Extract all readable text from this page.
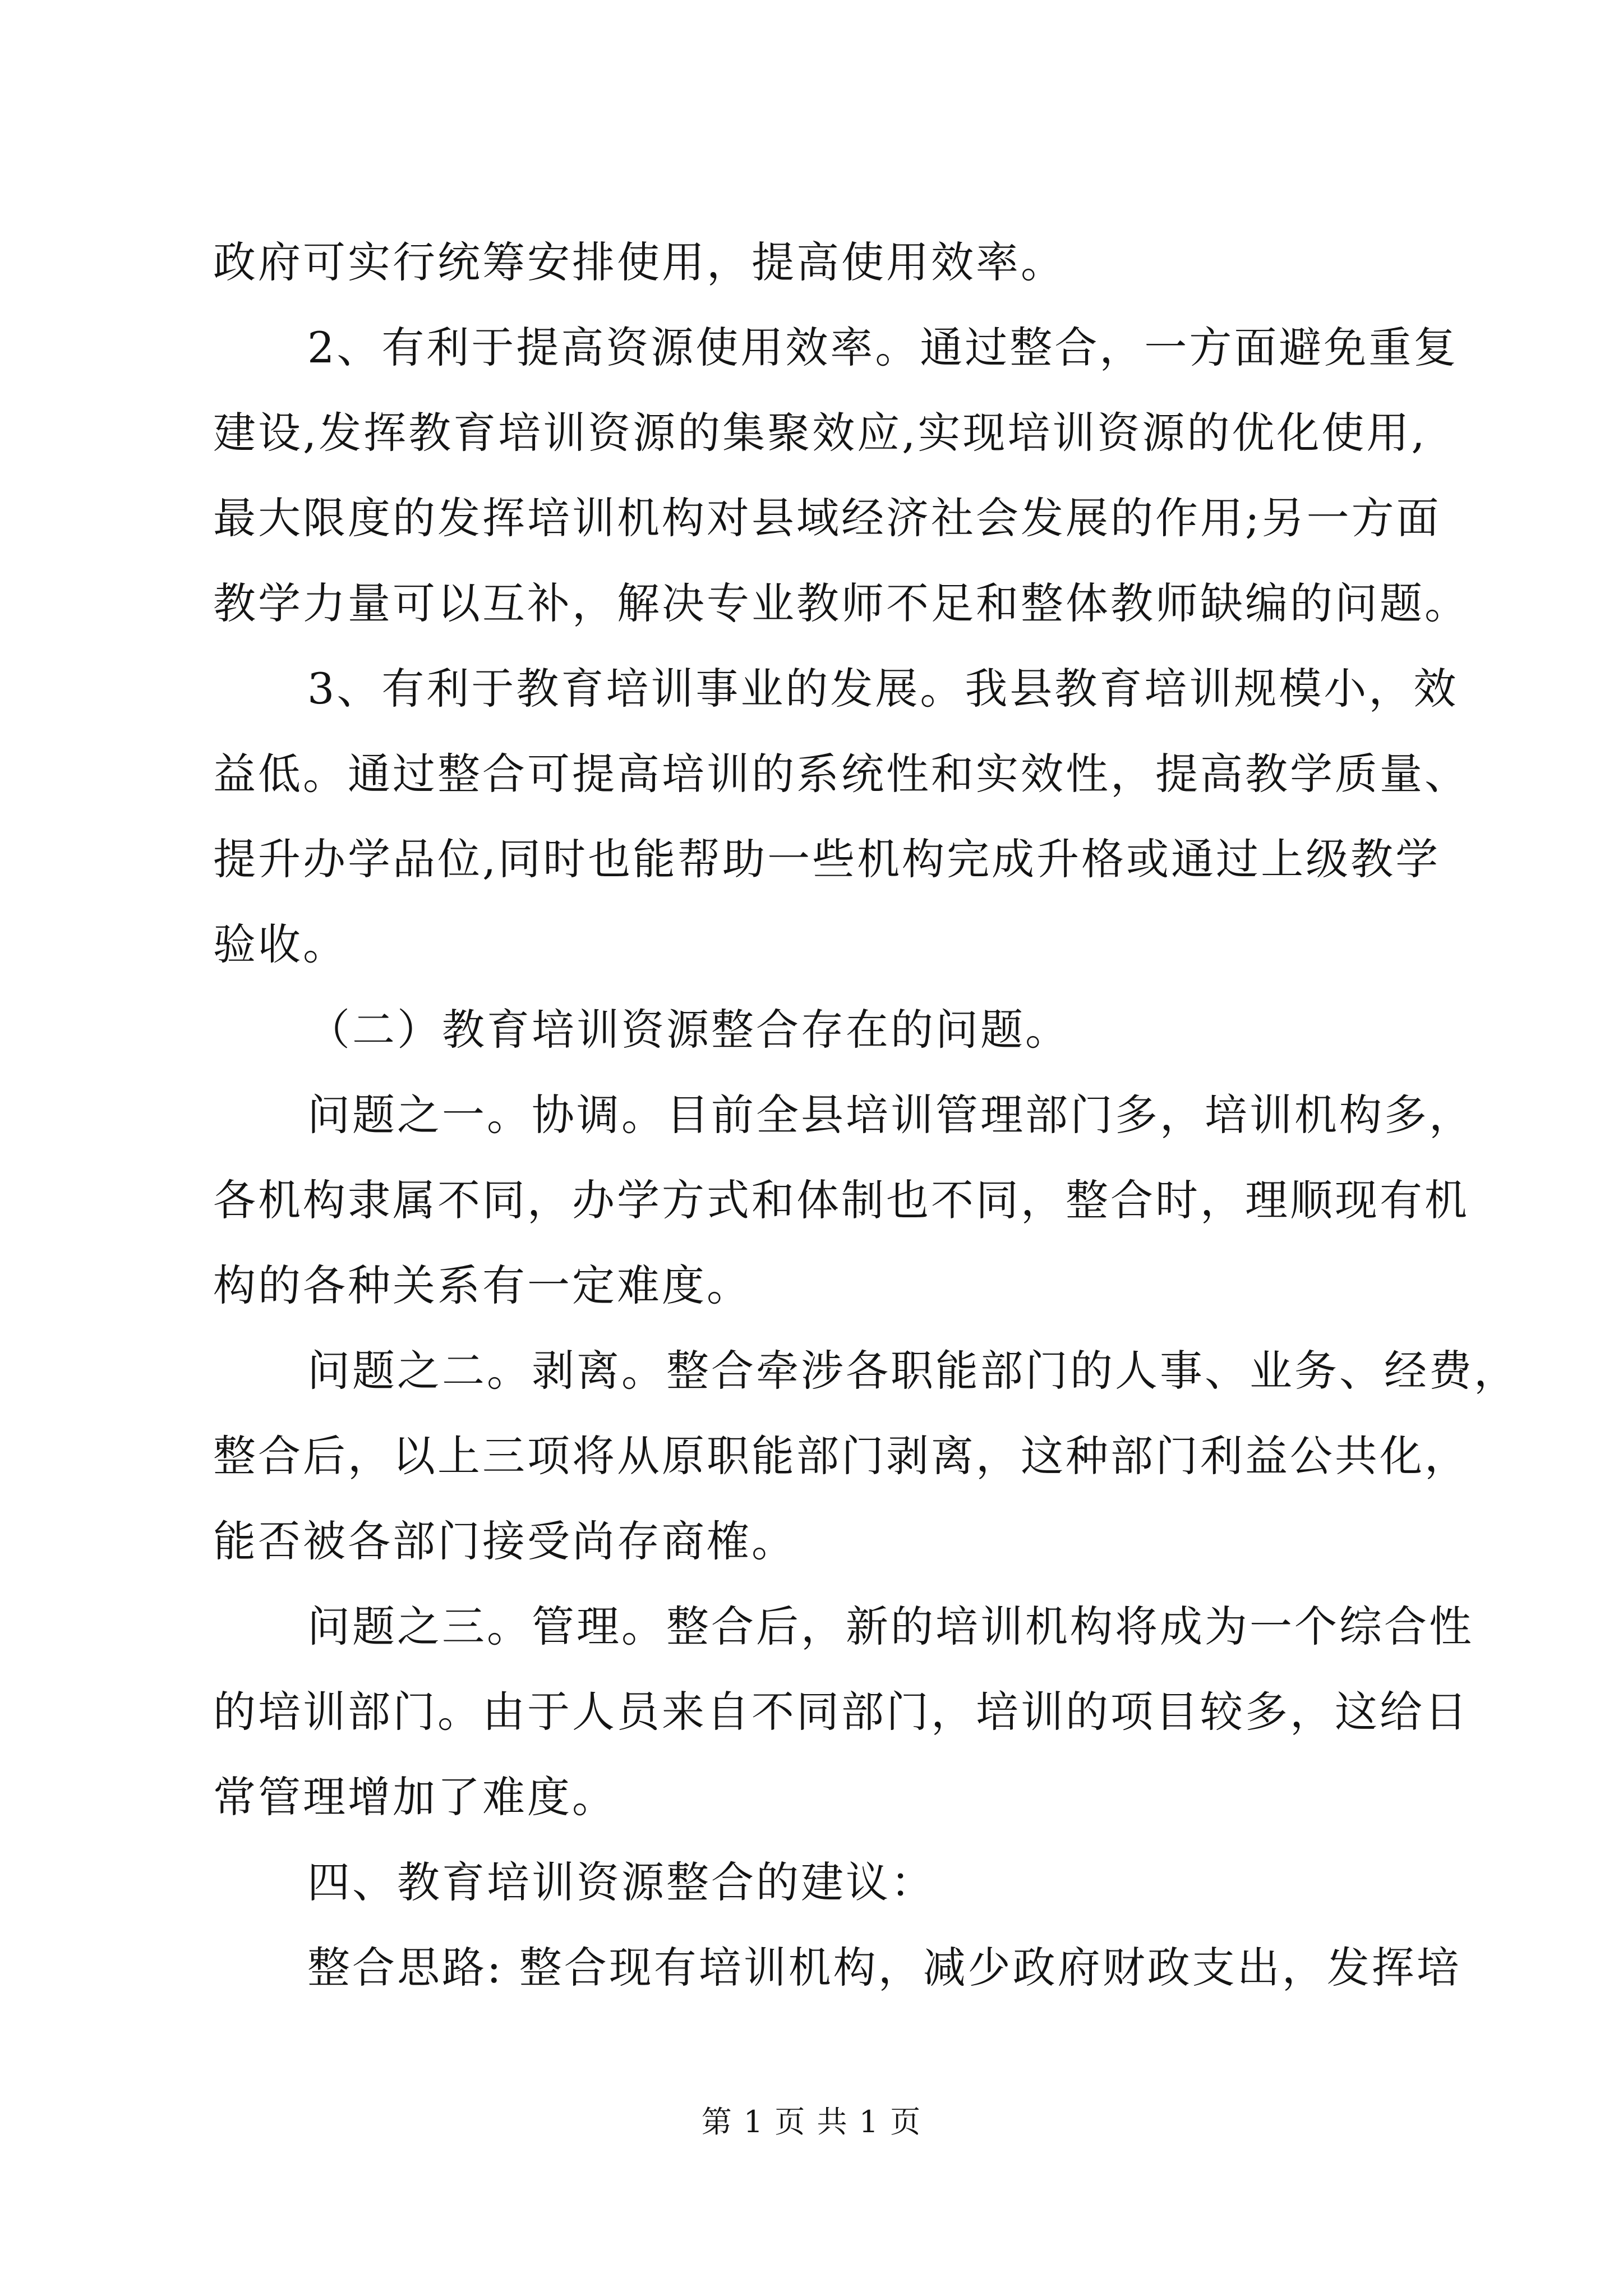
政府可实行统筹安排使用，提高使用效率。
2、有利于提高资源使用效率。通过整合，一方面避免重复
建设,发挥教育培训资源的集聚效应,实现培训资源的优化使用,
最大限度的发挥培训机构对县域经济社会发展的作用;另一方面
教学力量可以互补，解决专业教师不足和整体教师缺编的问题。
3、有利于教育培训事业的发展。我县教育培训规模小，效
益低。通过整合可提高培训的系统性和实效性，提高教学质量、
提升办学品位,同时也能帮助一些机构完成升格或通过上级教学
验收。
（二）教育培训资源整合存在的问题。
问题之一。协调。目前全县培训管理部门多，培训机构多，
各机构隶属不同，办学方式和体制也不同，整合时，理顺现有机
构的各种关系有一定难度。
问题之二。剥离。整合牵涉各职能部门的人事、业务、经费，
整合后，以上三项将从原职能部门剥离，这种部门利益公共化，
能否被各部门接受尚存商榷。
问题之三。管理。整合后，新的培训机构将成为一个综合性
的培训部门。由于人员来自不同部门，培训的项目较多，这给日
常管理增加了难度。
四、教育培训资源整合的建议：
整合思路: 整合现有培训机构，减少政府财政支出，发挥培
第 1 页 共 1 页
